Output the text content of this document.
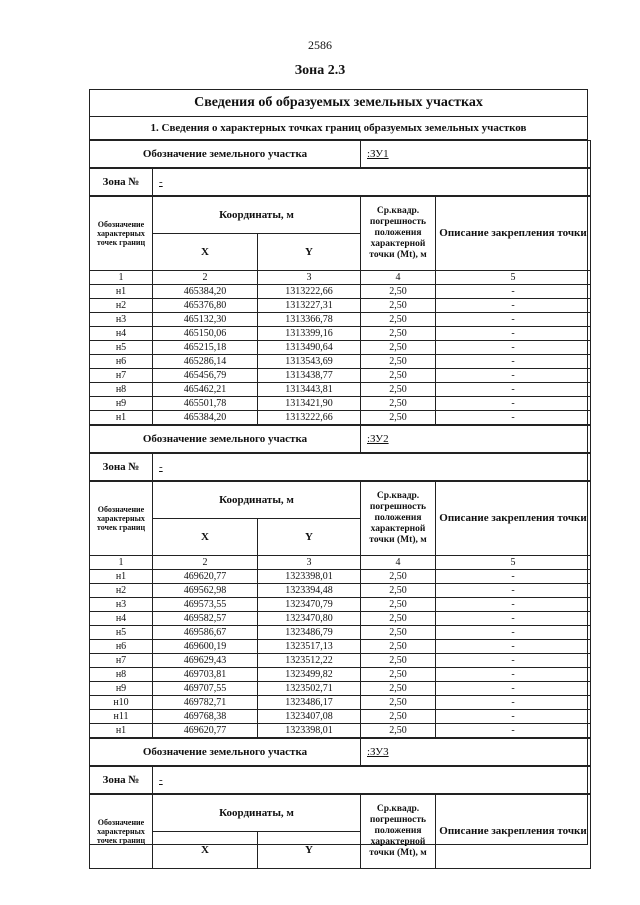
2586
Зона 2.3
Сведения об образуемых земельных участках
1. Сведения о характерных точках границ образуемых земельных участков
Обозначение земельного участка	:ЗУ1
Зона №	-
Обозначение характерных точек границ	Координаты, м		Ср.квадр. погрешность положения характерной точки (Mt), м	Описание закрепления точки
	X	Y		
1	2	3	4	5
н1	465384,20	1313222,66	2,50	-
н2	465376,80	1313227,31	2,50	-
н3	465132,30	1313366,78	2,50	-
н4	465150,06	1313399,16	2,50	-
н5	465215,18	1313490,64	2,50	-
н6	465286,14	1313543,69	2,50	-
н7	465456,79	1313438,77	2,50	-
н8	465462,21	1313443,81	2,50	-
н9	465501,78	1313421,90	2,50	-
н1	465384,20	1313222,66	2,50	-
Обозначение земельного участка	:ЗУ2
Зона №	-
Обозначение характерных точек границ	Координаты, м		Ср.квадр. погрешность положения характерной точки (Mt), м	Описание закрепления точки
	X	Y		
1	2	3	4	5
н1	469620,77	1323398,01	2,50	-
н2	469562,98	1323394,48	2,50	-
н3	469573,55	1323470,79	2,50	-
н4	469582,57	1323470,80	2,50	-
н5	469586,67	1323486,79	2,50	-
н6	469600,19	1323517,13	2,50	-
н7	469629,43	1323512,22	2,50	-
н8	469703,81	1323499,82	2,50	-
н9	469707,55	1323502,71	2,50	-
н10	469782,71	1323486,17	2,50	-
н11	469768,38	1323407,08	2,50	-
н1	469620,77	1323398,01	2,50	-
Обозначение земельного участка	:ЗУ3
Зона №	-
Обозначение характерных точек границ	Координаты, м		Ср.квадр. погрешность положения характерной точки (Mt), м	Описание закрепления точки
	X	Y		
